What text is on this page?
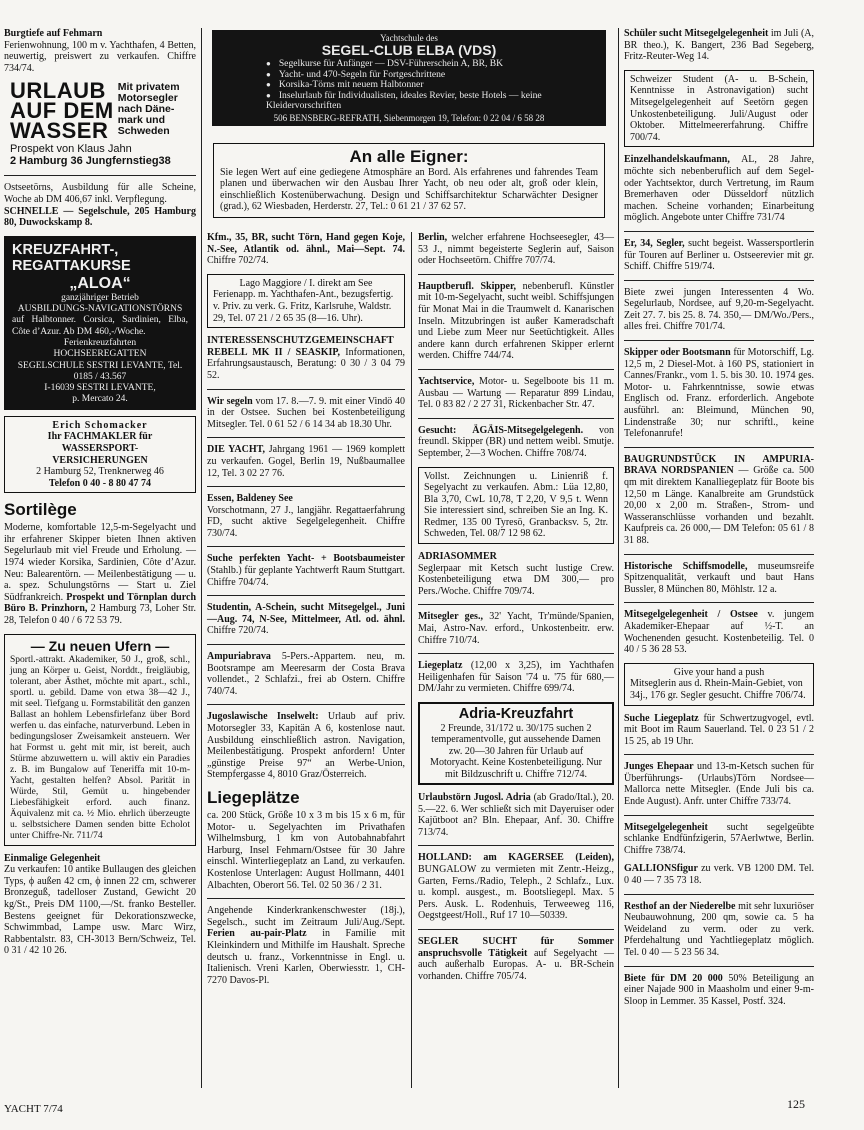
Yachtschule des
SEGEL-CLUB ELBA (VDS)
● Segelkurse für Anfänger — DSV-Führerschein A, BR, BK
● Yacht- und 470-Segeln für Fortgeschrittene
● Korsika-Törns mit neuem Halbtonner
● Inselurlaub für Individualisten, ideales Revier, beste Hotels — keine Kleidervorschriften
506 BENSBERG-REFRATH, Siebenmorgen 19, Telefon: 0 22 04 / 6 58 28
An alle Eigner:
Sie legen Wert auf eine gediegene Atmosphäre an Bord. Als erfahrenes und fahrendes Team planen und überwachen wir den Ausbau Ihrer Yacht, ob neu oder alt, groß oder klein, einschließlich Kostenüberwachung. Design und Schiffsarchitektur Scharwächter Designer (grad.), 62 Wiesbaden, Herderstr. 27, Tel.: 0 61 21 / 37 62 57.
Burgtiefe auf Fehmarn
Ferienwohnung, 100 m v. Yachthafen, 4 Betten, neuwertig, preiswert zu verkaufen. Chiffre 734/74.
URLAUB
AUF DEM
WASSER
Mit privatem
Motorsegler
nach Däne-
mark und
Schweden
Prospekt von Klaus Jahn
2 Hamburg 36 Jungfernstieg38
Ostseetörns, Ausbildung für alle Scheine, Woche ab DM 406,67 inkl. Verpflegung.
SCHNELLE — Segelschule, 205 Hamburg 80, Duwockskamp 8.
KREUZFAHRT-,
REGATTAKURSE
„ALOA“
ganzjähriger Betrieb
AUSBILDUNGS-NAVIGATIONSTÖRNS
auf Halbtonner. Corsica, Sardinien, Elba, Côte d’Azur. Ab DM 460,-/Woche.
Ferienkreuzfahrten
HOCHSEEREGATTEN
SEGELSCHULE SESTRI LEVANTE, Tel. 0185 / 43.567
I-16039 SESTRI LEVANTE,
p. Mercato 24.
Erich Schomacker
Ihr FACHMAKLER für
WASSERSPORT-
VERSICHERUNGEN
2 Hamburg 52, Trenknerweg 46
Telefon 0 40 - 8 80 47 74
Sortilège
Moderne, komfortable 12,5-m-Segelyacht und ihr erfahrener Skipper bieten Ihnen aktiven Segelurlaub mit viel Freude und Erholung. — 1974 wieder Korsika, Sardinien, Côte d’Azur. Neu: Balearentörn. — Meilenbestätigung — u. a. spez. Schulungstörns — Start u. Ziel Südfrankreich. Prospekt und Törnplan durch Büro B. Prinzhorn, 2 Hamburg 73, Loher Str. 28, Telefon 0 40 / 6 72 53 79.
— Zu neuen Ufern —
Sportl.-attrakt. Akademiker, 50 J., groß, schl., jung an Körper u. Geist, Norddt., freigläubig, tolerant, aber Ästhet, möchte mit apart., schl., sportl. u. gebild. Dame von etwa 38—42 J., mit seel. Tiefgang u. Formstabilität den ganzen Ballast an hohlem Lebensfirlefanz über Bord werfen u. das einfache, naturverbund. Leben in bedingungsloser Zweisamkeit ansteuern. Wer hat Formst u. geht mit mir, ist bereit, auch Stürme abzuwettern u. will aktiv ein Paradies z. B. im Bungalow auf Teneriffa mit 10-m-Yacht, gestalten helfen? Absol. Parität in Würde, Stil, Gemüt u. hingebender Liebesfähigkeit erford. auch finanz. Äquivalenz mit ca. ½ Mio. ehrlich überzeugte u. selbstsichere Damen senden bitte Echolot unter Chiffre-Nr. 711/74
Einmalige Gelegenheit
Zu verkaufen: 10 antike Bullaugen des gleichen Typs, ϕ außen 42 cm, ϕ innen 22 cm, schwerer Bronzeguß, tadelloser Zustand, Gewicht 20 kg/St., Preis DM 1100,—/St. franko Besteller. Bestens geeignet für Dekorationszwecke, Schwimmbad, Lampe usw. Marc Wirz, Rabbentalstr. 83, CH-3013 Bern/Schweiz, Tel. 0 31 / 42 10 26.
Kfm., 35, BR, sucht Törn, Hand gegen Koje, N.-See, Atlantik od. ähnl., Mai—Sept. 74. Chiffre 702/74.
Lago Maggiore / I. direkt am See
Ferienapp. m. Yachthafen-Ant., bezugsfertig. v. Priv. zu verk. G. Fritz, Karlsruhe, Waldstr. 29, Tel. 07 21 / 2 65 35 (8—16. Uhr).
INTERESSENSCHUTZGEMEINSCHAFT REBELL MK II / SEASKIP, Informationen, Erfahrungsaustausch, Beratung: 0 30 / 3 04 79 52.
Wir segeln vom 17. 8.—7. 9. mit einer Vindö 40 in der Ostsee. Suchen bei Kostenbeteiligung Mitsegler. Tel. 0 61 52 / 6 14 34 ab 18.30 Uhr.
DIE YACHT, Jahrgang 1961 — 1969 komplett zu verkaufen. Gogel, Berlin 19, Nußbaumallee 12, Tel. 3 02 27 76.
Essen, Baldeney See
Vorschotmann, 27 J., langjähr. Regattaerfahrung FD, sucht aktive Segelgelegenheit. Chiffre 730/74.
Suche perfekten Yacht- + Bootsbaumeister (Stahlb.) für geplante Yachtwerft Raum Stuttgart. Chiffre 704/74.
Studentin, A-Schein, sucht Mitsegelgel., Juni—Aug. 74, N-See, Mittelmeer, Atl. od. ähnl. Chiffre 720/74.
Ampuriabrava 5-Pers.-Appartem. neu, m. Bootsrampe am Meeresarm der Costa Brava vollendet., 2 Schlafzi., frei ab Ostern. Chiffre 740/74.
Jugoslawische Inselwelt: Urlaub auf priv. Motorsegler 33, Kapitän A 6, kostenlose naut. Ausbildung einschließlich astron. Navigation, Meilenbestätigung. Prospekt anfordern! Unter „günstige Preise 97“ an Werbe-Union, Stempfergasse 4, 8010 Graz/Österreich.
Liegeplätze
ca. 200 Stück, Größe 10 x 3 m bis 15 x 6 m, für Motor- u. Segelyachten im Privathafen Wilhelmsburg, 1 km von Autobahnabfahrt Harburg, Insel Fehmarn/Ostsee für 30 Jahre einschl. Winterliegeplatz an Land, zu verkaufen. Kostenlose Unterlagen: August Hollmann, 4401 Albachten, Oberort 56. Tel. 02 50 36 / 2 31.
Angehende Kinderkrankenschwester (18j.), Segelsch., sucht im Zeitraum Juli/Aug./Sept. Ferien au-pair-Platz in Familie mit Kleinkindern und Mithilfe im Haushalt. Spreche deutsch u. franz., Vorkenntnisse in Engl. u. Italienisch. Vreni Karlen, Oberwiesstr. 1, CH-7270 Davos-Pl.
Berlin, welcher erfahrene Hochseesegler, 43—53 J., nimmt begeisterte Seglerin auf, Saison oder Hochseetörn. Chiffre 707/74.
Hauptberufl. Skipper, nebenberufl. Künstler mit 10-m-Segelyacht, sucht weibl. Schiffsjungen für Monat Mai in die Traumwelt d. Kanarischen Inseln. Mitzubringen ist außer Kameradschaft und Liebe zum Meer nur Seetüchtigkeit. Alles andere kann durch erfahrenen Skipper erlernt werden. Chiffre 744/74.
Yachtservice, Motor- u. Segelboote bis 11 m. Ausbau — Wartung — Reparatur 899 Lindau, Tel. 0 83 82 / 2 27 31, Rickenbacher Str. 47.
Gesucht: ÄGÄIS-Mitsegelgelegenh. von freundl. Skipper (BR) und nettem weibl. Smutje. September, 2—3 Wochen. Chiffre 708/74.
Vollst. Zeichnungen u. Linienriß f. Segelyacht zu verkaufen. Abm.: Lüa 12,80, Bla 3,70, CwL 10,78, T 2,20, V 9,5 t. Wenn Sie interessiert sind, schreiben Sie an Ing. K. Redmer, 135 00 Tyresö, Granbacksv. 5, 2tr. Schweden, Tel. 08/7 12 98 62.
ADRIASOMMER
Seglerpaar mit Ketsch sucht lustige Crew. Kostenbeteiligung etwa DM 300,— pro Pers./Woche. Chiffre 709/74.
Mitsegler ges., 32' Yacht, Tr'münde/Spanien, Mai, Astro-Nav. erford., Unkostenbeitr. erw. Chiffre 710/74.
Liegeplatz (12,00 x 3,25), im Yachthafen Heiligenhafen für Saison '74 u. '75 für 680,— DM/Jahr zu vermieten. Chiffre 699/74.
Adria-Kreuzfahrt
2 Freunde, 31/172 u. 30/175 suchen 2 temperamentvolle, gut aussehende Damen zw. 20—30 Jahren für Urlaub auf Motoryacht. Keine Kostenbeteiligung. Nur mit Bildzuschrift u. Chiffre 712/74.
Urlaubstörn Jugosl. Adria (ab Grado/Ital.), 20. 5.—22. 6. Wer schließt sich mit Dayeruiser oder Kajütboot an? Bln. Ehepaar, Anf. 30. Chiffre 713/74.
HOLLAND: am KAGERSEE (Leiden), BUNGALOW zu vermieten mit Zentr.-Heizg., Garten, Ferns./Radio, Teleph., 2 Schlafz., Lux. u. kompl. ausgest., m. Bootsliegepl. Max. 5 Pers. Ausk. L. Rodenhuis, Terweeweg 116, Oegstgeest/Holl., Ruf 17 10—50339.
SEGLER SUCHT für Sommer anspruchsvolle Tätigkeit auf Segelyacht — auch außerhalb Europas. A- u. BR-Schein vorhanden. Chiffre 705/74.
Schüler sucht Mitsegelgelegenheit im Juli (A, BR theo.), K. Bangert, 236 Bad Segeberg, Fritz-Reuter-Weg 14.
Schweizer Student (A- u. B-Schein, Kenntnisse in Astronavigation) sucht Mitsegelgelegenheit auf Seetörn gegen Unkostenbeteiligung. Juli/August oder Oktober. Mittelmeererfahrung. Chiffre 700/74.
Einzelhandelskaufmann, AL, 28 Jahre, möchte sich nebenberuflich auf dem Segel- oder Yachtsektor, durch Vertretung, im Raum Bremerhaven oder Düsseldorf nützlich machen. Scheine vorhanden; Einarbeitung möglich. Angebote unter Chiffre 731/74
Er, 34, Segler, sucht begeist. Wassersportlerin für Touren auf Berliner u. Ostseerevier mit gr. Schiff. Chiffre 519/74.
Biete zwei jungen Interessenten 4 Wo. Segelurlaub, Nordsee, auf 9,20-m-Segelyacht. Zeit 27. 7. bis 25. 8. 74. 350,— DM/Wo./Pers., alles frei. Chiffre 701/74.
Skipper oder Bootsmann für Motorschiff, Lg. 12,5 m, 2 Diesel-Mot. à 160 PS, stationiert in Cannes/Frankr., vom 1. 5. bis 30. 10. 1974 ges. Motor- u. Fahrkenntnisse, sowie etwas Englisch od. Franz. erforderlich. Angebote ausführl. an: Bleimund, München 90, Lindenstraße 30; nur schriftl., keine Telefonanrufe!
BAUGRUNDSTÜCK IN AMPURIA-BRAVA NORDSPANIEN — Größe ca. 500 qm mit direktem Kanalliegeplatz für Boote bis 12,50 m Länge. Kanalbreite am Grundstück 20,00 x 2,00 m. Straßen-, Strom- und Wasseranschlüsse vorhanden und bezahlt. Kaufpreis ca. 26 000,— DM Telefon: 05 61 / 8 31 88.
Historische Schiffsmodelle, museumsreife Spitzenqualität, verkauft und baut Hans Bussler, 8 München 80, Möhlstr. 12 a.
Mitsegelgelegenheit / Ostsee v. jungem Akademiker-Ehepaar auf ½-T. an Wochenenden gesucht. Kostenbeteilig. Tel. 0 40 / 5 36 28 53.
Give your hand a push
Mitseglerin aus d. Rhein-Main-Gebiet, von 34j., 176 gr. Segler gesucht. Chiffre 706/74.
Suche Liegeplatz für Schwertzugvogel, evtl. mit Boot im Raum Sauerland. Tel. 0 23 51 / 2 15 25, ab 19 Uhr.
Junges Ehepaar und 13-m-Ketsch suchen für Überführungs- (Urlaubs)Törn Nordsee—Mallorca nette Mitsegler. (Ende Juli bis ca. Ende August). Anfr. unter Chiffre 733/74.
Mitsegelgelegenheit sucht segelgeübte schlanke Endfünfzigerin, 57Aerlwtwe, Berlin. Chiffre 738/74.
GALLIONSfigur zu verk. VB 1200 DM. Tel. 0 40 — 7 35 73 18.
Resthof an der Niederelbe mit sehr luxuriöser Neubauwohnung, 200 qm, sowie ca. 5 ha Weideland zu verm. oder zu verk. Pferdehaltung und Yachtliegeplatz möglich. Tel. 0 40 — 5 23 56 34.
Biete für DM 20 000 50% Beteiligung an einer Najade 900 in Maasholm und einer 9-m-Sloop in Lemmer. 35 Kassel, Postf. 324.
YACHT 7/74	125
